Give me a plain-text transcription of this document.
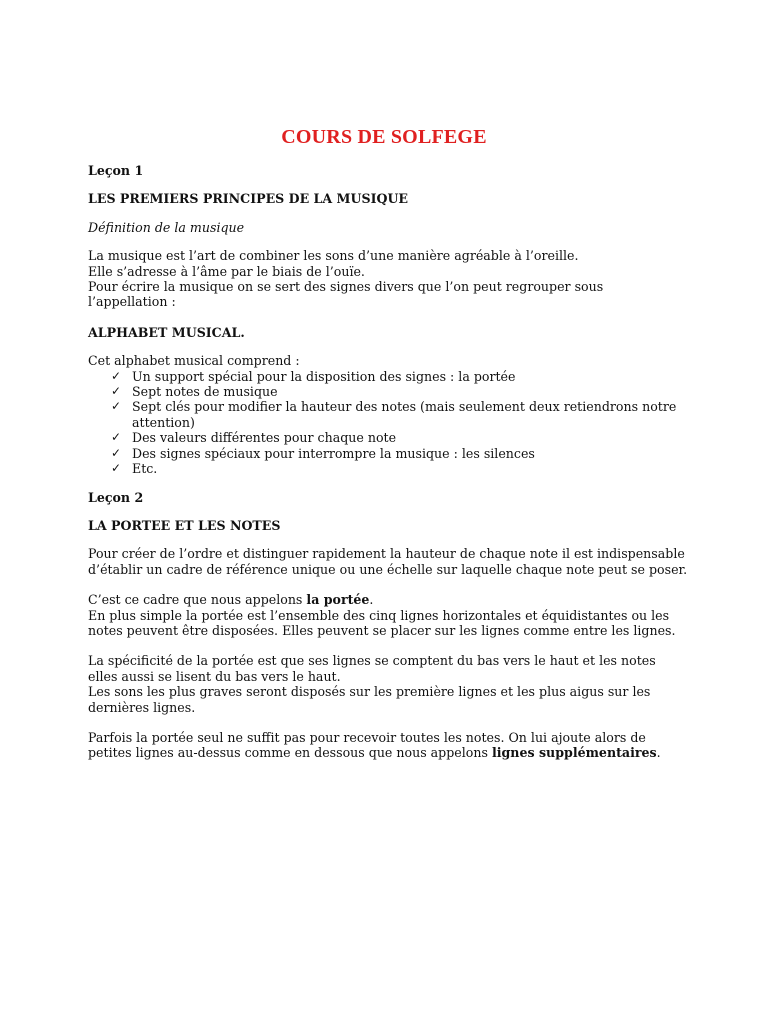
COURS DE SOLFEGE

Leçon 1

LES PREMIERS PRINCIPES DE LA MUSIQUE

Définition de la musique

La musique est l’art de combiner les sons d’une manière agréable à l’oreille.

Elle s’adresse à l’âme par le biais de l’ouïe.

Pour écrire la musique on se sert des signes divers que l’on peut regrouper sous

l’appellation :

ALPHABET MUSICAL.

Cet alphabet musical comprend :

✓ Un support spécial pour la disposition des signes : la portée
✓ Sept notes de musique
✓ Sept clés pour modifier la hauteur des notes (mais seulement deux retiendrons notre attention)
✓ Des valeurs différentes pour chaque note
✓ Des signes spéciaux pour interrompre la musique : les silences
✓ Etc.

Leçon 2

LA PORTEE ET LES NOTES

Pour créer de l’ordre et distinguer rapidement la hauteur de chaque note il est indispensable d’établir un cadre de référence unique ou une échelle sur laquelle chaque note peut se poser.

C’est ce cadre que nous appelons la portée.

En plus simple la portée est l’ensemble des cinq lignes horizontales et équidistantes ou les notes peuvent être disposées. Elles peuvent se placer sur les lignes comme entre les lignes.

La spécificité de la portée est que ses lignes se comptent du bas vers le haut et les notes elles aussi se lisent du bas vers le haut.

Les sons les plus graves seront disposés sur les première lignes et les plus aigus sur les dernières lignes.

Parfois la portée seul ne suffit pas pour recevoir toutes les notes. On lui ajoute alors de petites lignes au-dessus comme en dessous que nous appelons lignes supplémentaires.
